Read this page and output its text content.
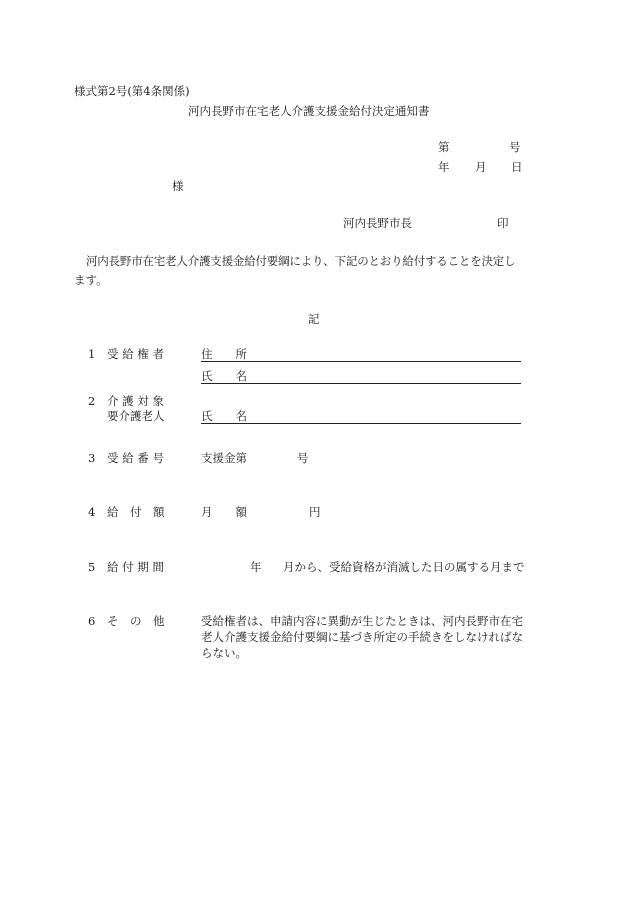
様式第2号(第4条関係)
河内長野市在宅老人介護支援金給付決定通知書
第	号
年 月 日
様
河内長野市長	印
河内長野市在宅老人介護支援金給付要綱により、下記のとおり給付することを決定し
ます。
記
1 受 給 権 者	住　　所
氏　　名
2 介 護 対 象
要介護老人	氏　　名
3 受 給 番 号	支援金第	号
4 給　付　額	月　　額	円
5 給 付 期 間	年 月から、受給資格が消滅した日の属する月まで
6 そ　の　他	受給権者は、申請内容に異動が生じたときは、河内長野市在宅
老人介護支援金給付要綱に基づき所定の手続きをしなければな
らない。
